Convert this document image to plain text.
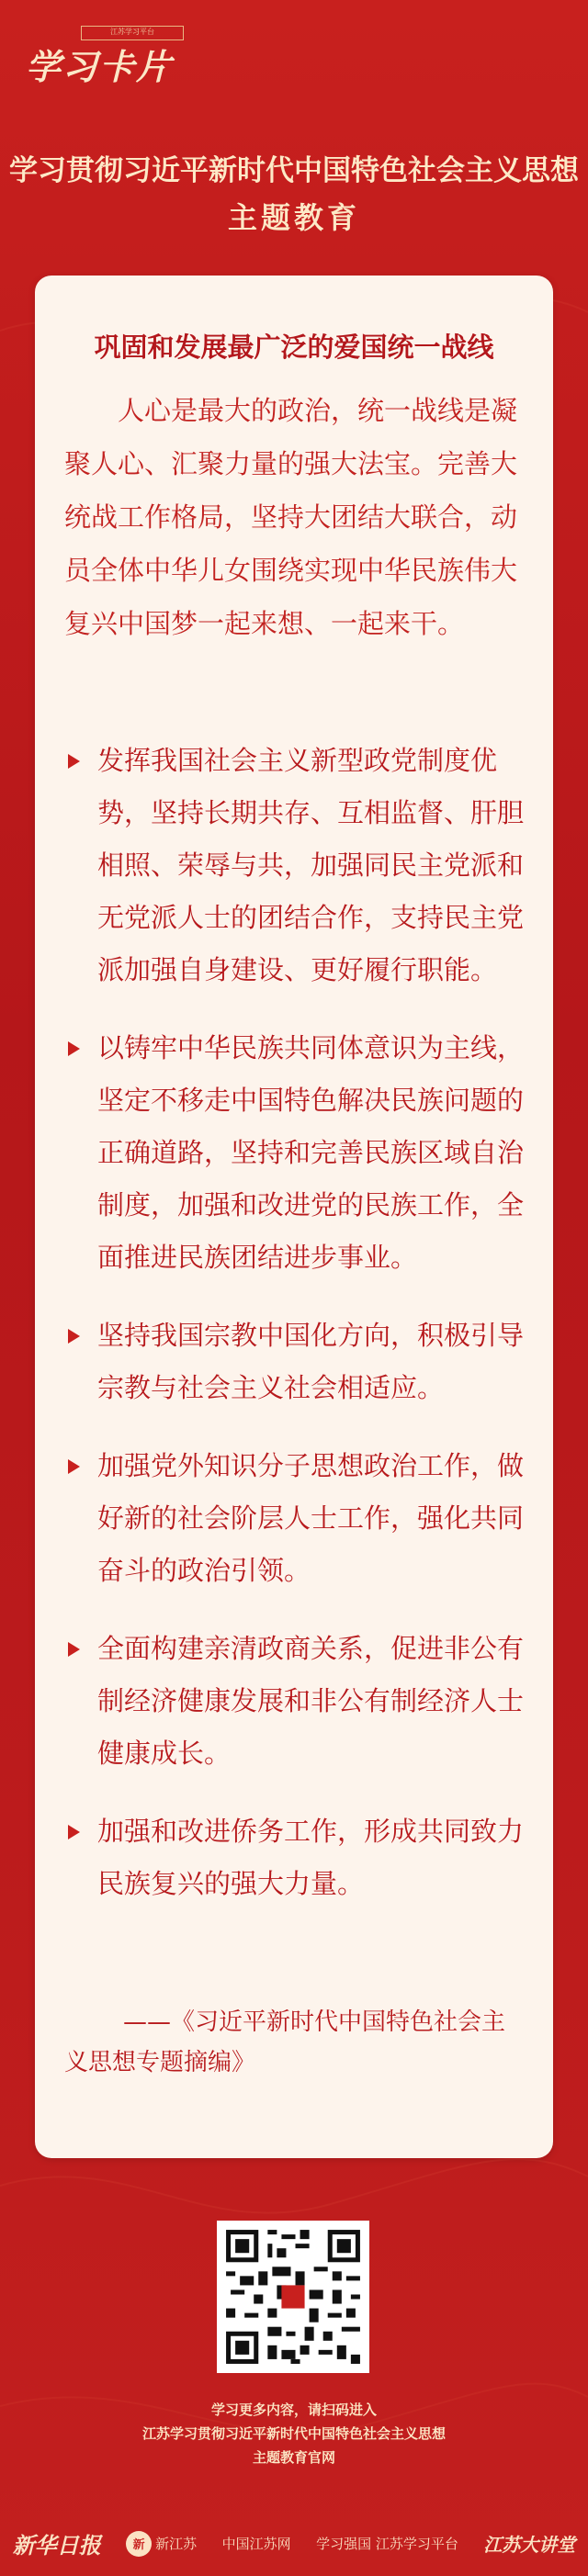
学习卡片
江苏学习平台
学习贯彻习近平新时代中国特色社会主义思想
主题教育
巩固和发展最广泛的爱国统一战线
人心是最大的政治，统一战线是凝聚人心、汇聚力量的强大法宝。完善大统战工作格局，坚持大团结大联合，动员全体中华儿女围绕实现中华民族伟大复兴中国梦一起来想、一起来干。
发挥我国社会主义新型政党制度优势，坚持长期共存、互相监督、肝胆相照、荣辱与共，加强同民主党派和无党派人士的团结合作，支持民主党派加强自身建设、更好履行职能。
以铸牢中华民族共同体意识为主线，坚定不移走中国特色解决民族问题的正确道路，坚持和完善民族区域自治制度，加强和改进党的民族工作，全面推进民族团结进步事业。
坚持我国宗教中国化方向，积极引导宗教与社会主义社会相适应。
加强党外知识分子思想政治工作，做好新的社会阶层人士工作，强化共同奋斗的政治引领。
全面构建亲清政商关系，促进非公有制经济健康发展和非公有制经济人士健康成长。
加强和改进侨务工作，形成共同致力民族复兴的强大力量。
——《习近平新时代中国特色社会主义思想专题摘编》
学习更多内容，请扫码进入
江苏学习贯彻习近平新时代中国特色社会主义思想
主题教育官网
新华日报	新 新江苏 中国江苏网 学习强国 江苏学习平台 江苏大讲堂
